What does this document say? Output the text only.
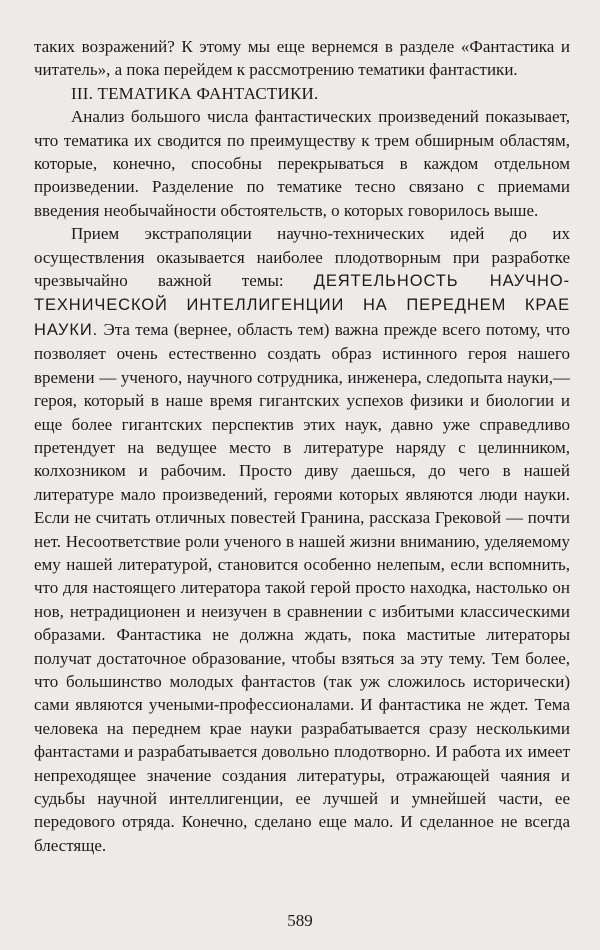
таких возражений? К этому мы еще вернемся в разделе «Фантастика и читатель», а пока перейдем к рассмотрению тематики фантастики.

III. ТЕМАТИКА ФАНТАСТИКИ.

Анализ большого числа фантастических произведений показывает, что тематика их сводится по преимуществу к трем обширным областям, которые, конечно, способны перекрываться в каждом отдельном произведении. Разделение по тематике тесно связано с приемами введения необычайности обстоятельств, о которых говорилось выше.

Прием экстраполяции научно-технических идей до их осуществления оказывается наиболее плодотворным при разработке чрезвычайно важной темы: ДЕЯТЕЛЬНОСТЬ НАУЧНО-ТЕХНИЧЕСКОЙ ИНТЕЛЛИГЕНЦИИ НА ПЕРЕДНЕМ КРАЕ НАУКИ. Эта тема (вернее, область тем) важна прежде всего потому, что позволяет очень естественно создать образ истинного героя нашего времени — ученого, научного сотрудника, инженера, следопыта науки,— героя, который в наше время гигантских успехов физики и биологии и еще более гигантских перспектив этих наук, давно уже справедливо претендует на ведущее место в литературе наряду с целинником, колхозником и рабочим. Просто диву даешься, до чего в нашей литературе мало произведений, героями которых являются люди науки. Если не считать отличных повестей Гранина, рассказа Грековой — почти нет. Несоответствие роли ученого в нашей жизни вниманию, уделяемому ему нашей литературой, становится особенно нелепым, если вспомнить, что для настоящего литератора такой герой просто находка, настолько он нов, нетрадиционен и неизучен в сравнении с избитыми классическими образами. Фантастика не должна ждать, пока маститые литераторы получат достаточное образование, чтобы взяться за эту тему. Тем более, что большинство молодых фантастов (так уж сложилось исторически) сами являются учеными-профессионалами. И фантастика не ждет. Тема человека на переднем крае науки разрабатывается сразу несколькими фантастами и разрабатывается довольно плодотворно. И работа их имеет непреходящее значение создания литературы, отражающей чаяния и судьбы научной интеллигенции, ее лучшей и умнейшей части, ее передового отряда. Конечно, сделано еще мало. И сделанное не всегда блестяще.

589
